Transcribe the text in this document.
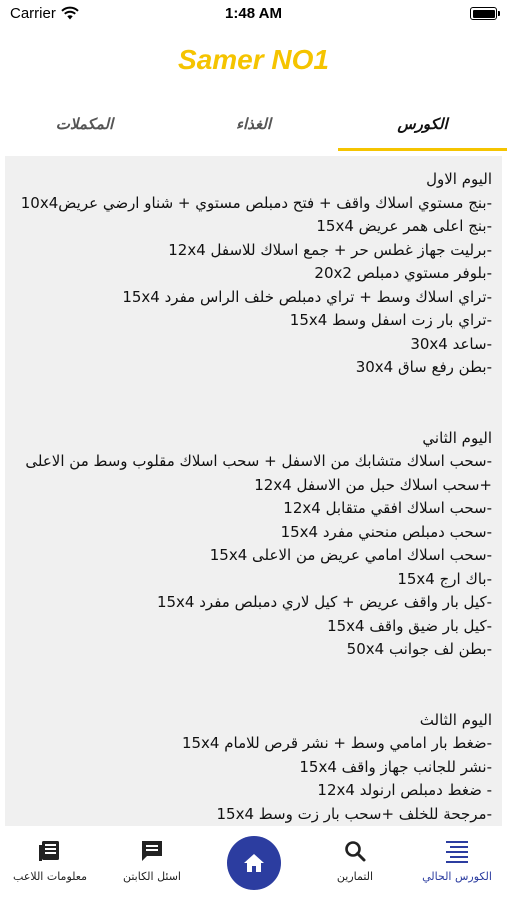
Carrier	1:48 AM
Samer NO1
الكورس
الغذاء
المكملات
اليوم الاول
-بنج مستوي اسلاك واقف + فتح دمبلص مستوي + شناو ارضي عريض10x4
-بنج اعلى همر عريض 15x4
-برليت جهاز غطس حر + جمع اسلاك للاسفل 12x4
-بلوفر مستوي دمبلص 20x2
-تراي اسلاك وسط + تراي دمبلص خلف الراس مفرد 15x4
-تراي بار زت اسفل وسط 15x4
-ساعد 30x4
-بطن رفع ساق 30x4
اليوم الثاني
-سحب اسلاك متشابك من الاسفل + سحب اسلاك مقلوب وسط من الاعلى
+سحب اسلاك حبل من الاسفل 12x4
-سحب اسلاك افقي متقابل 12x4
-سحب دمبلص منحني مفرد 15x4
-سحب اسلاك امامي عريض من الاعلى 15x4
-باك ارج 15x4
-كيل بار واقف عريض + كيل لاري دمبلص مفرد 15x4
-كيل بار ضيق واقف 15x4
-بطن لف جوانب 50x4
اليوم الثالث
-ضغط بار امامي وسط + نشر قرص للامام 15x4
-نشر للجانب جهاز واقف 15x4
- ضغط دمبلص ارنولد 12x4
-مرجحة للخلف +سحب بار زت وسط 15x4
معلومات اللاعب	اسئل الكابتن	التمارين	الكورس الحالي
